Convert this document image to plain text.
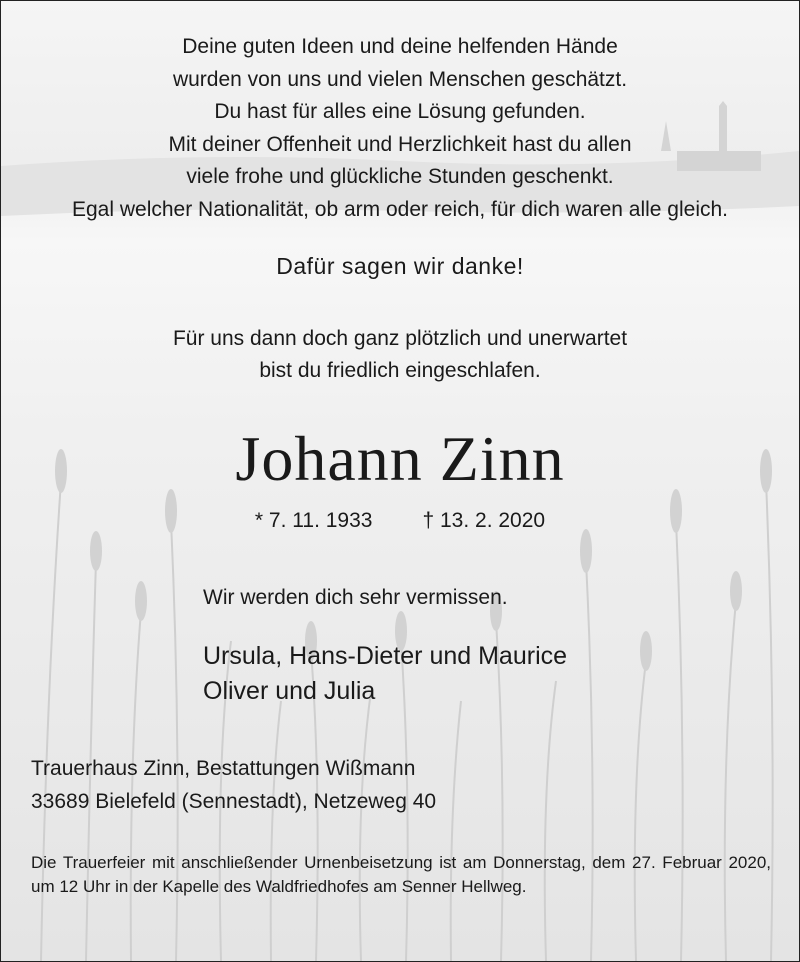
Deine guten Ideen und deine helfenden Hände
wurden von uns und vielen Menschen geschätzt.
Du hast für alles eine Lösung gefunden.
Mit deiner Offenheit und Herzlichkeit hast du allen
viele frohe und glückliche Stunden geschenkt.
Egal welcher Nationalität, ob arm oder reich, für dich waren alle gleich.
Dafür sagen wir danke!
Für uns dann doch ganz plötzlich und unerwartet
bist du friedlich eingeschlafen.
Johann Zinn
* 7. 11. 1933 † 13. 2. 2020
Wir werden dich sehr vermissen.
Ursula, Hans-Dieter und Maurice
Oliver und Julia
Trauerhaus Zinn, Bestattungen Wißmann
33689 Bielefeld (Sennestadt), Netzeweg 40
Die Trauerfeier mit anschließender Urnenbeisetzung ist am Donnerstag, dem 27. Februar 2020, um 12 Uhr in der Kapelle des Waldfriedhofes am Senner Hellweg.
